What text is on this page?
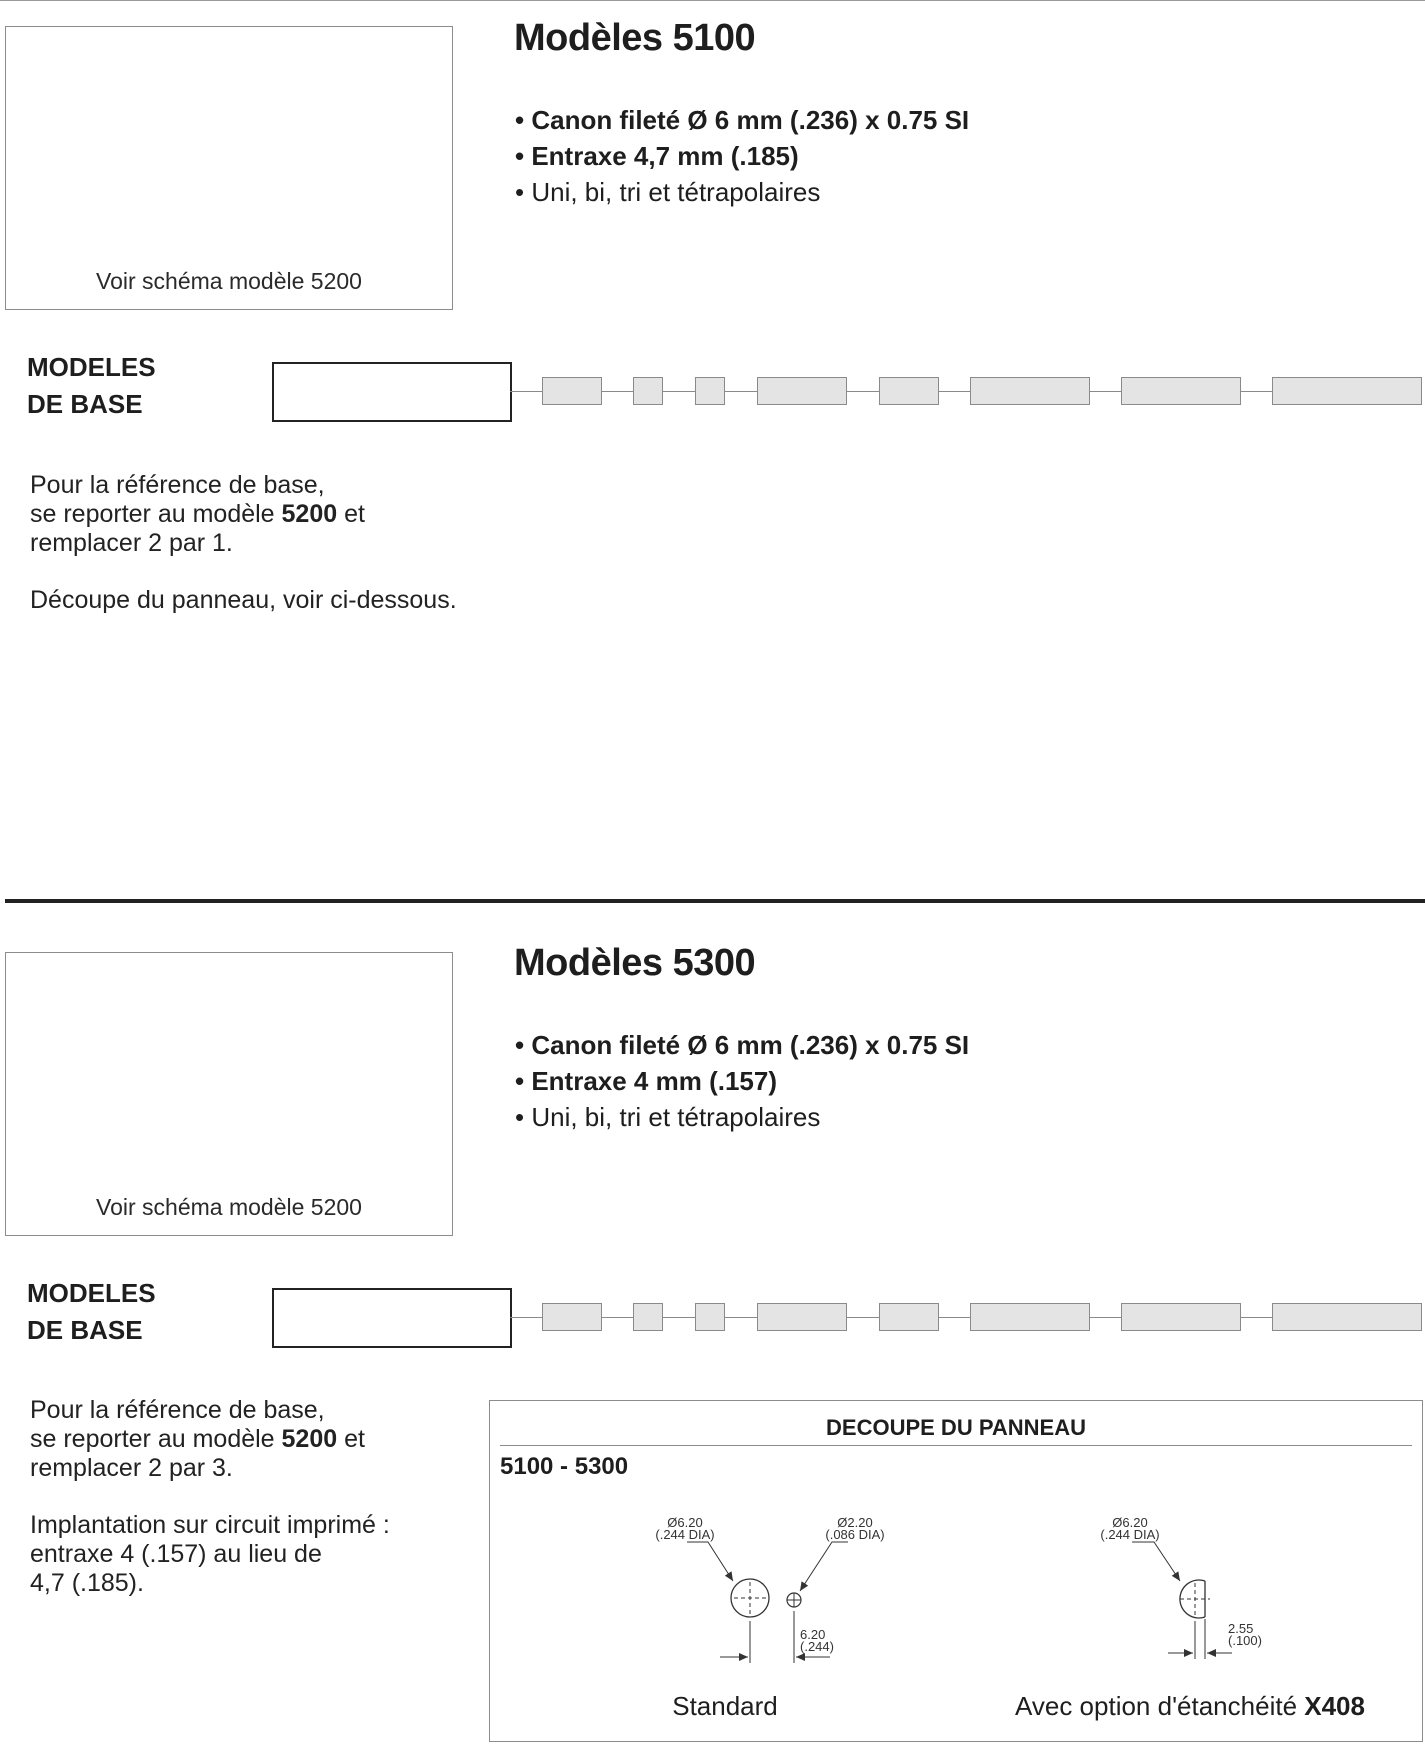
Voir schéma modèle 5200
Modèles 5100
• Canon fileté Ø 6 mm (.236) x 0.75 SI
• Entraxe 4,7 mm (.185)
• Uni, bi, tri et tétrapolaires
MODELES
DE BASE
Pour la référence de base,
se reporter au modèle 5200 et
remplacer 2 par 1.
Découpe du panneau, voir ci-dessous.
Voir schéma modèle 5200
Modèles 5300
• Canon fileté Ø 6 mm (.236) x 0.75 SI
• Entraxe 4 mm (.157)
• Uni, bi, tri et tétrapolaires
MODELES
DE BASE
Pour la référence de base,
se reporter au modèle 5200 et
remplacer 2 par 3.
Implantation sur circuit imprimé :
entraxe 4 (.157) au lieu de
4,7 (.185).
DECOUPE DU PANNEAU
5100 - 5300
Ø6.20
(.244 DIA)
Ø2.20
(.086 DIA)
6.20
(.244)
Ø6.20
(.244 DIA)
2.55
(.100)
Standard	Avec option d'étanchéité X408
